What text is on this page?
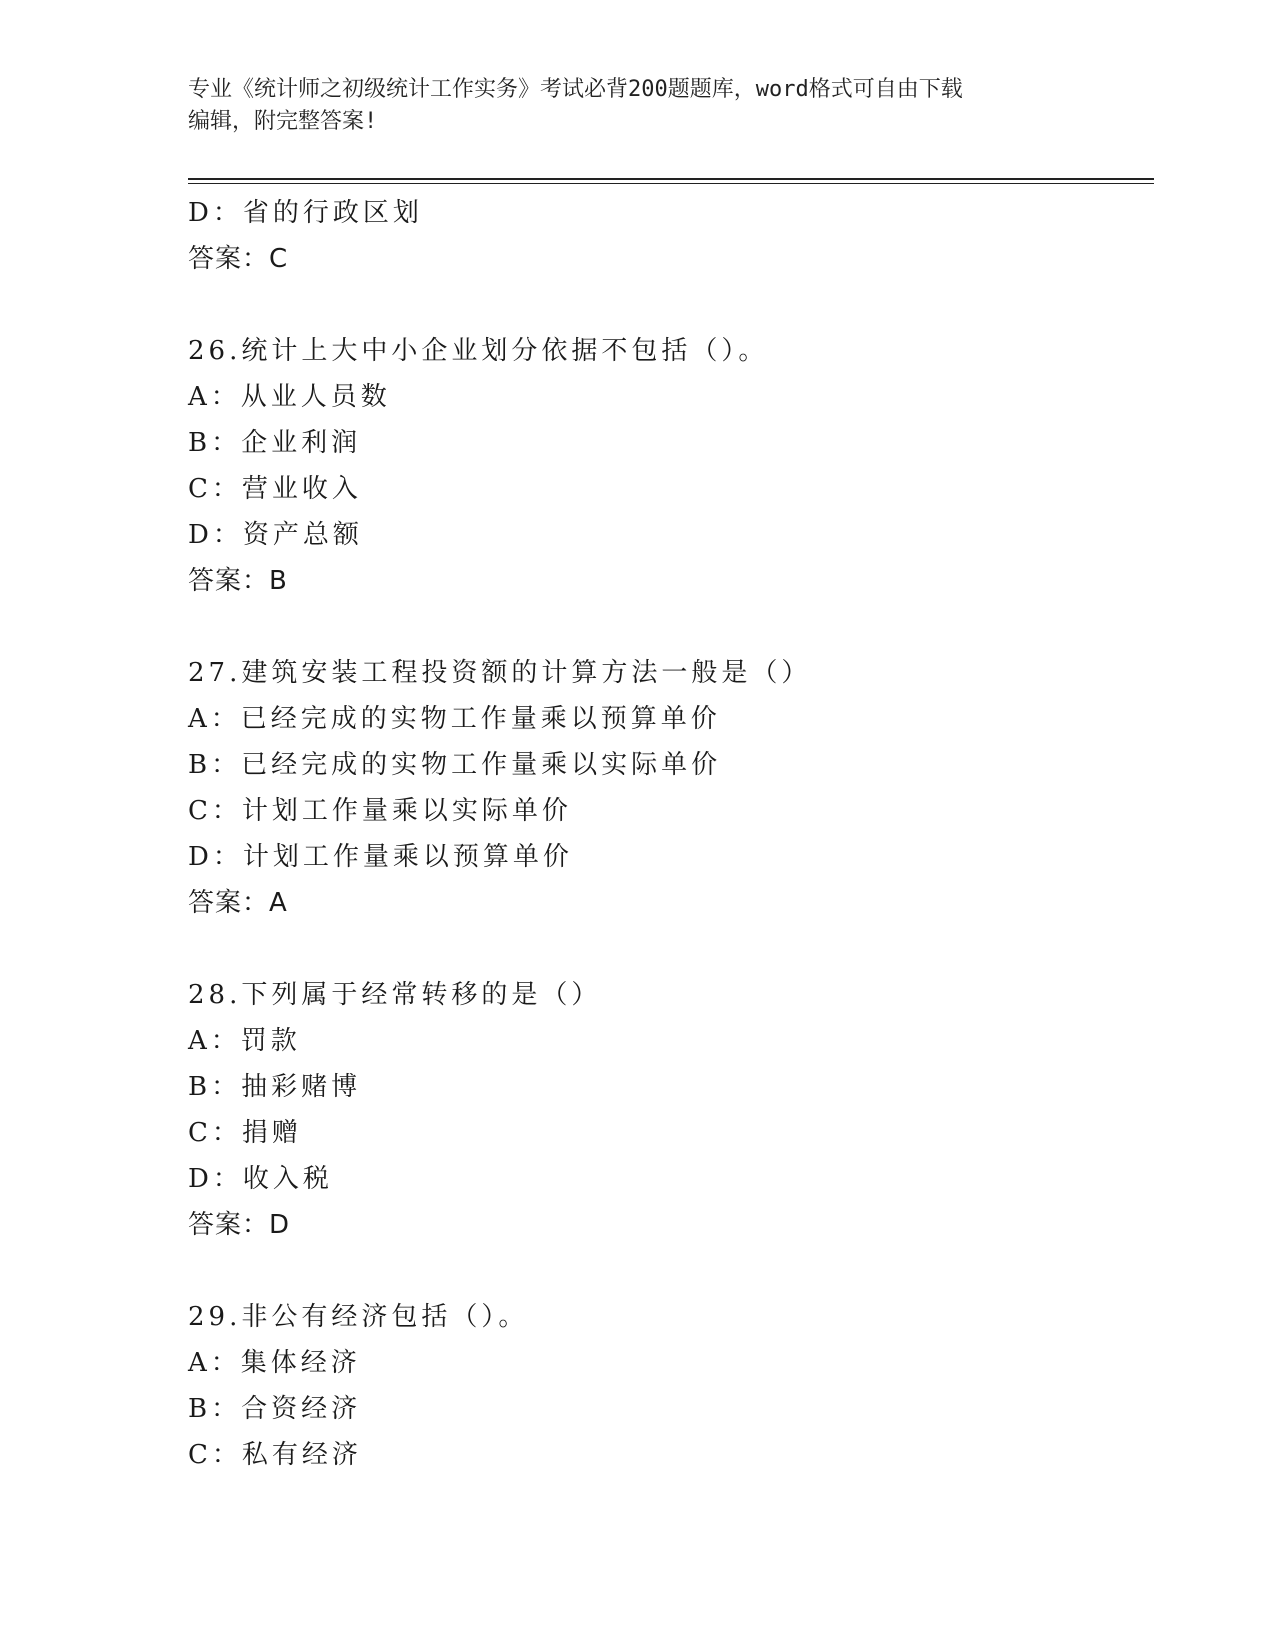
专业《统计师之初级统计工作实务》考试必背200题题库，word格式可自由下载
编辑，附完整答案!
D：省的行政区划
答案：C
26.统计上大中小企业划分依据不包括（）。
A：从业人员数
B：企业利润
C：营业收入
D：资产总额
答案：B
27.建筑安装工程投资额的计算方法一般是（）
A：已经完成的实物工作量乘以预算单价
B：已经完成的实物工作量乘以实际单价
C：计划工作量乘以实际单价
D：计划工作量乘以预算单价
答案：A
28.下列属于经常转移的是（）
A：罚款
B：抽彩赌博
C：捐赠
D：收入税
答案：D
29.非公有经济包括（）。
A：集体经济
B：合资经济
C：私有经济
